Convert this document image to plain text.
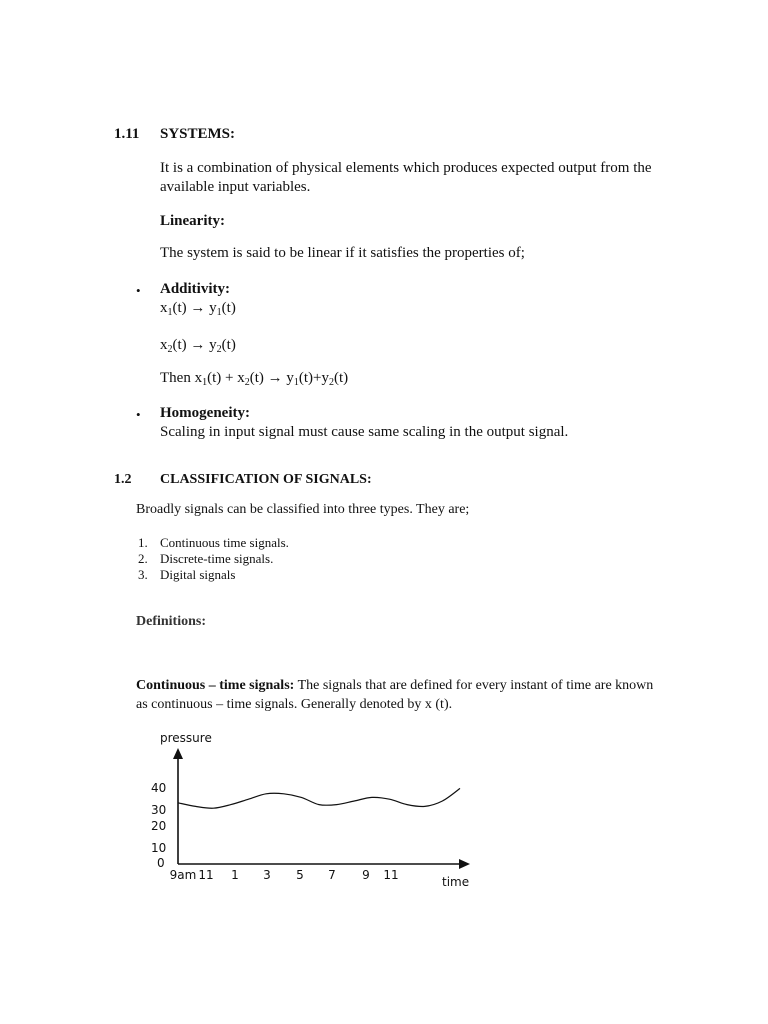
1.11 SYSTEMS:
It is a combination of physical elements which produces expected output from the available input variables.
Linearity:
The system is said to be linear if it satisfies the properties of;
• Additivity:
$x_1(t) \to y_1(t)$
$x_2(t) \to y_2(t)$
Then $x_1(t) + x_2(t) \to y_1(t)+y_2(t)$
• Homogeneity:
Scaling in input signal must cause same scaling in the output signal.
1.2 CLASSIFICATION OF SIGNALS:
Broadly signals can be classified into three types. They are;
1. Continuous time signals.
2. Discrete-time signals.
3. Digital signals
Definitions:
Continuous – time signals: The signals that are defined for every instant of time are known as continuous – time signals. Generally denoted by x (t).
pressure
40
30
20
10
0
9am 11 1 3 5 7 9 11	time
